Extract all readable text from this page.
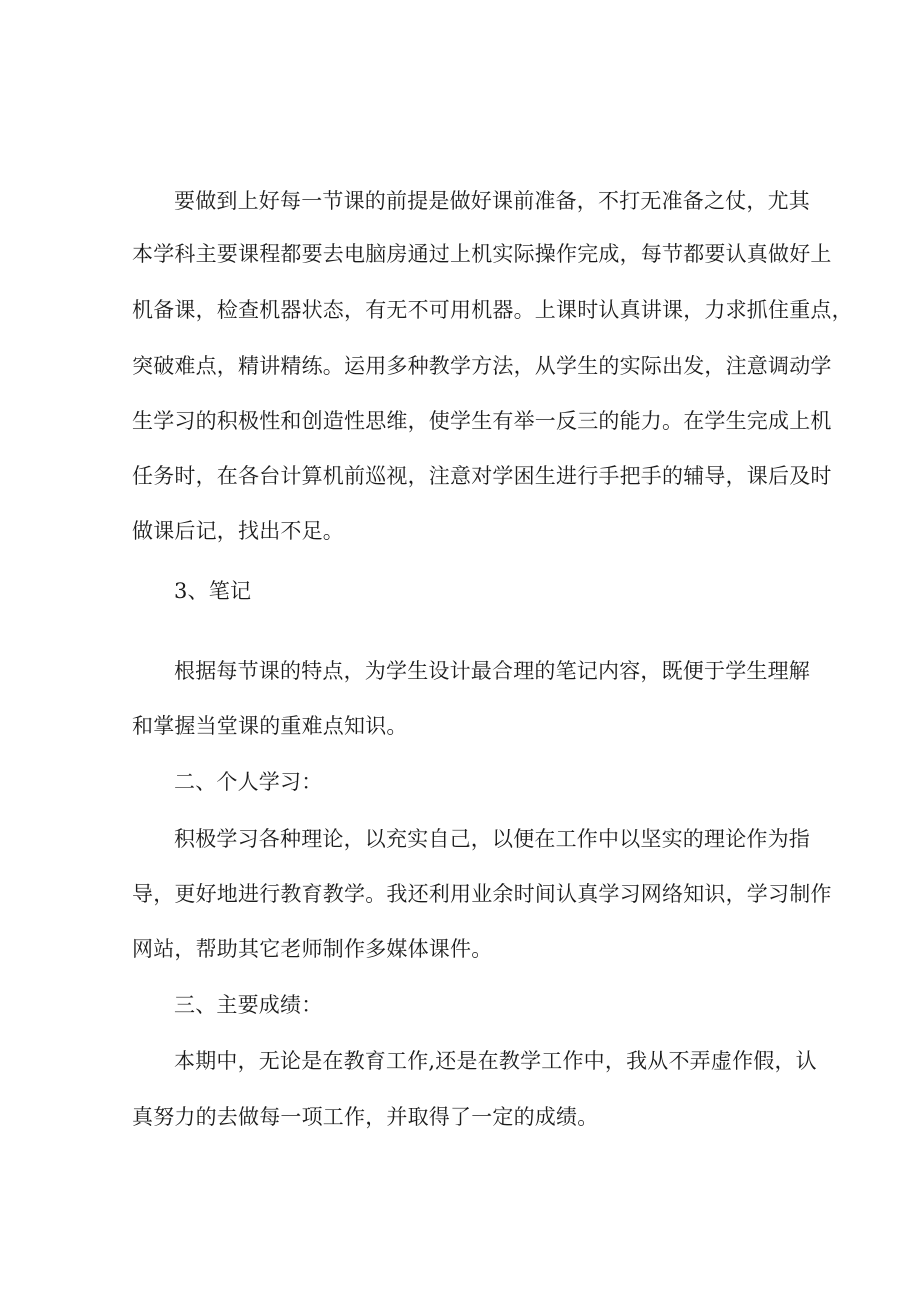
要做到上好每一节课的前提是做好课前准备，不打无准备之仗，尤其
本学科主要课程都要去电脑房通过上机实际操作完成，每节都要认真做好上
机备课，检查机器状态，有无不可用机器。上课时认真讲课，力求抓住重点，
突破难点，精讲精练。运用多种教学方法，从学生的实际出发，注意调动学
生学习的积极性和创造性思维，使学生有举一反三的能力。在学生完成上机
任务时，在各台计算机前巡视，注意对学困生进行手把手的辅导，课后及时
做课后记，找出不足。
3、笔记
根据每节课的特点，为学生设计最合理的笔记内容，既便于学生理解
和掌握当堂课的重难点知识。
二、个人学习：
积极学习各种理论，以充实自己，以便在工作中以坚实的理论作为指
导，更好地进行教育教学。我还利用业余时间认真学习网络知识，学习制作
网站，帮助其它老师制作多媒体课件。
三、主要成绩：
本期中，无论是在教育工作,还是在教学工作中，我从不弄虚作假，认
真努力的去做每一项工作，并取得了一定的成绩。
